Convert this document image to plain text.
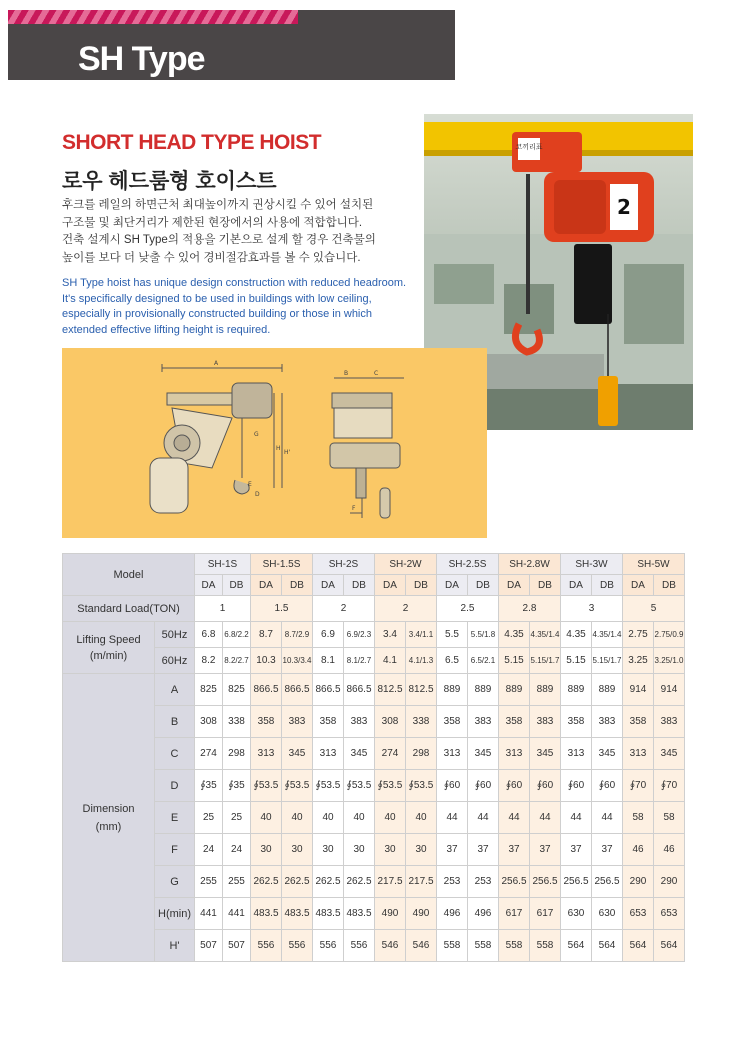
SH Type
SHORT HEAD TYPE HOIST
로우 헤드룸형 호이스트
후크를 레일의 하면근처 최대높이까지 권상시킬 수 있어 설치된
구조물 및 최단거리가 제한된 현장에서의 사용에 적합합니다.
건축 설계시 SH Type의 적용을 기본으로 설계 할 경우 건축물의
높이를 보다 더 낮출 수 있어 경비절감효과를 볼 수 있습니다.
SH Type hoist has unique design construction with reduced headroom.
It's specifically designed to be used in buildings with low ceiling,
especially in provisionally constructed building or those in which
extended effective lifting height is required.
코끼리표
2
A
B	C
D
E
F
G
H
H'
Model		SH-1S		SH-1.5S		SH-2S		SH-2W		SH-2.5S		SH-2.8W		SH-3W		SH-5W	
		DA	DB	DA	DB	DA	DB	DA	DB	DA	DB	DA	DB	DA	DB	DA	DB
Standard Load(TON)		1		1.5		2		2		2.5		2.8		3		5	

Lifting Speed
(m/min)	50Hz	6.8	6.8/2.2	8.7	8.7/2.9	6.9	6.9/2.3	3.4	3.4/1.1	5.5	5.5/1.8	4.35	4.35/1.4	4.35	4.35/1.4	2.75	2.75/0.9
	60Hz	8.2	8.2/2.7	10.3	10.3/3.4	8.1	8.1/2.7	4.1	4.1/1.3	6.5	6.5/2.1	5.15	5.15/1.7	5.15	5.15/1.7	3.25	3.25/1.0

Dimension
(mm)	A	825	825	866.5	866.5	866.5	866.5	812.5	812.5	889	889	889	889	889	889	914	914
	B	308	338	358	383	358	383	308	338	358	383	358	383	358	383	358	383
	C	274	298	313	345	313	345	274	298	313	345	313	345	313	345	313	345
	D	∮35	∮35	∮53.5	∮53.5	∮53.5	∮53.5	∮53.5	∮53.5	∮60	∮60	∮60	∮60	∮60	∮60	∮70	∮70
	E	25	25	40	40	40	40	40	40	44	44	44	44	44	44	58	58
	F	24	24	30	30	30	30	30	30	37	37	37	37	37	37	46	46
	G	255	255	262.5	262.5	262.5	262.5	217.5	217.5	253	253	256.5	256.5	256.5	256.5	290	290
	H(min)	441	441	483.5	483.5	483.5	483.5	490	490	496	496	617	617	630	630	653	653
	H'	507	507	556	556	556	556	546	546	558	558	558	558	564	564	564	564
